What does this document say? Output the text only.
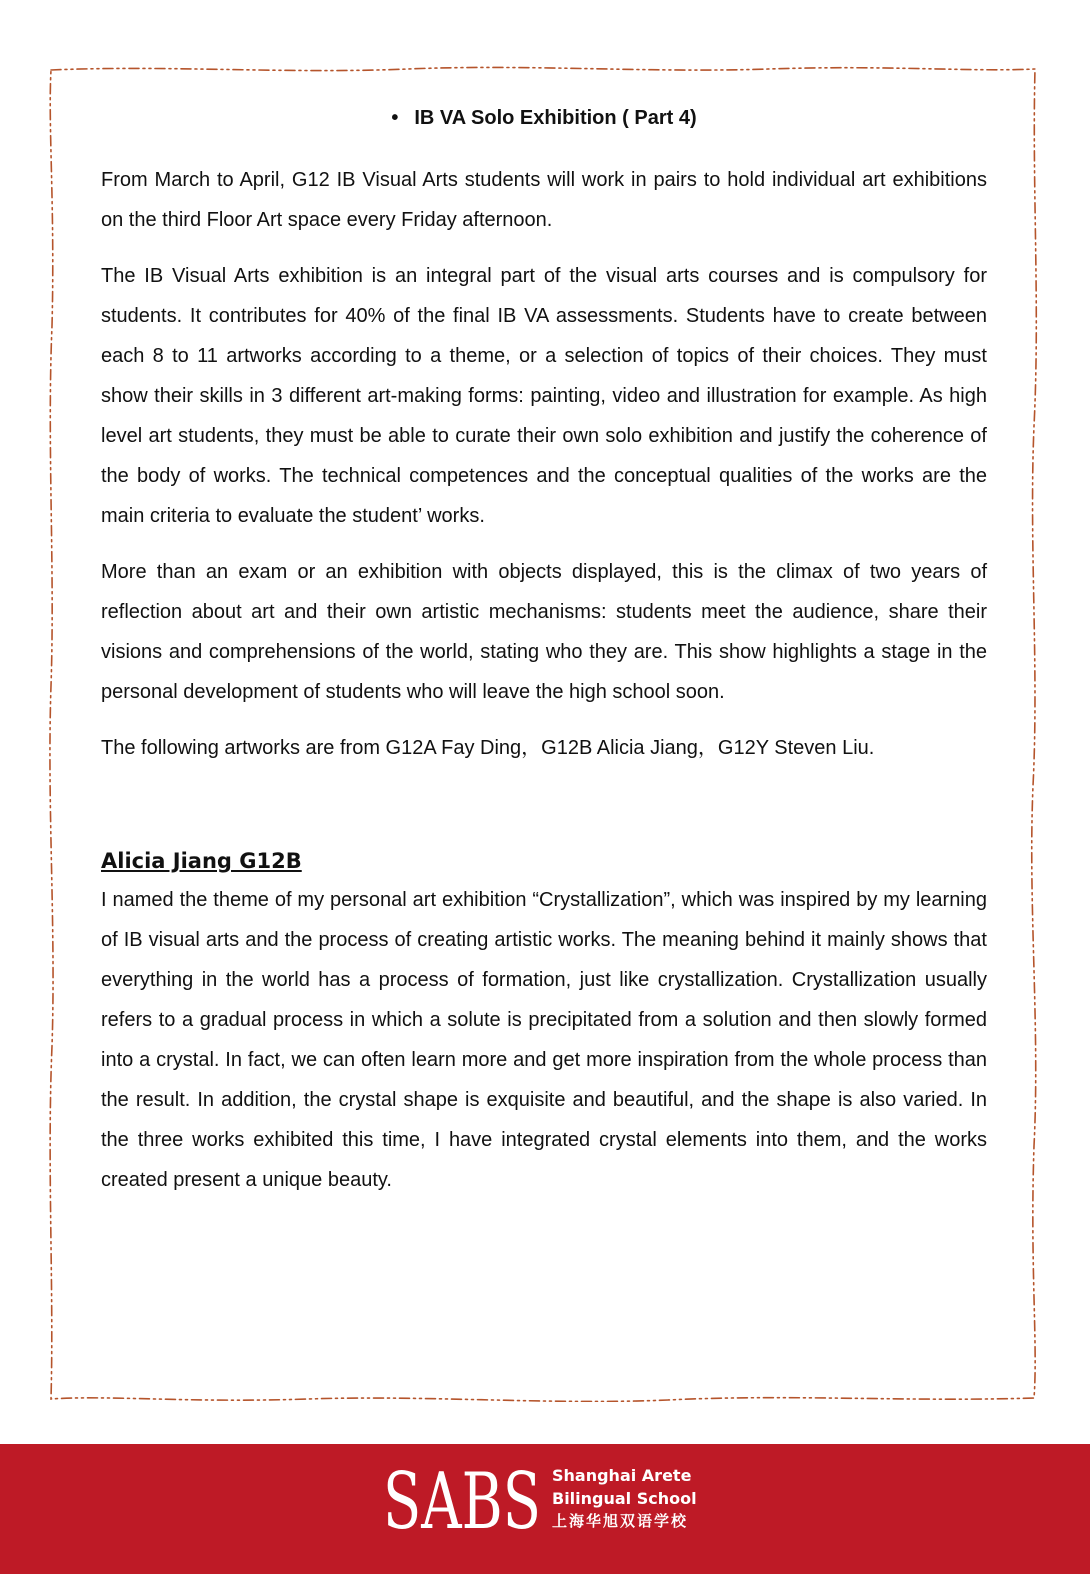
• IB VA Solo Exhibition ( Part 4)

From March to April, G12 IB Visual Arts students will work in pairs to hold individual art exhibitions on the third Floor Art space every Friday afternoon.

The IB Visual Arts exhibition is an integral part of the visual arts courses and is compulsory for students. It contributes for 40% of the final IB VA assessments. Students have to create between each 8 to 11 artworks according to a theme, or a selection of topics of their choices. They must show their skills in 3 different art-making forms: painting, video and illustration for example. As high level art students, they must be able to curate their own solo exhibition and justify the coherence of the body of works. The technical competences and the conceptual qualities of the works are the main criteria to evaluate the student’ works.

More than an exam or an exhibition with objects displayed, this is the climax of two years of reflection about art and their own artistic mechanisms: students meet the audience, share their visions and comprehensions of the world, stating who they are. This show highlights a stage in the personal development of students who will leave the high school soon.

The following artworks are from G12A Fay Ding，G12B Alicia Jiang，G12Y Steven Liu.

Alicia Jiang G12B

I named the theme of my personal art exhibition “Crystallization”, which was inspired by my learning of IB visual arts and the process of creating artistic works. The meaning behind it mainly shows that everything in the world has a process of formation, just like crystallization. Crystallization usually refers to a gradual process in which a solute is precipitated from a solution and then slowly formed into a crystal. In fact, we can often learn more and get more inspiration from the whole process than the result. In addition, the crystal shape is exquisite and beautiful, and the shape is also varied. In the three works exhibited this time, I have integrated crystal elements into them, and the works created present a unique beauty.

SABS Shanghai Arete
Bilingual School
上海华旭双语学校
